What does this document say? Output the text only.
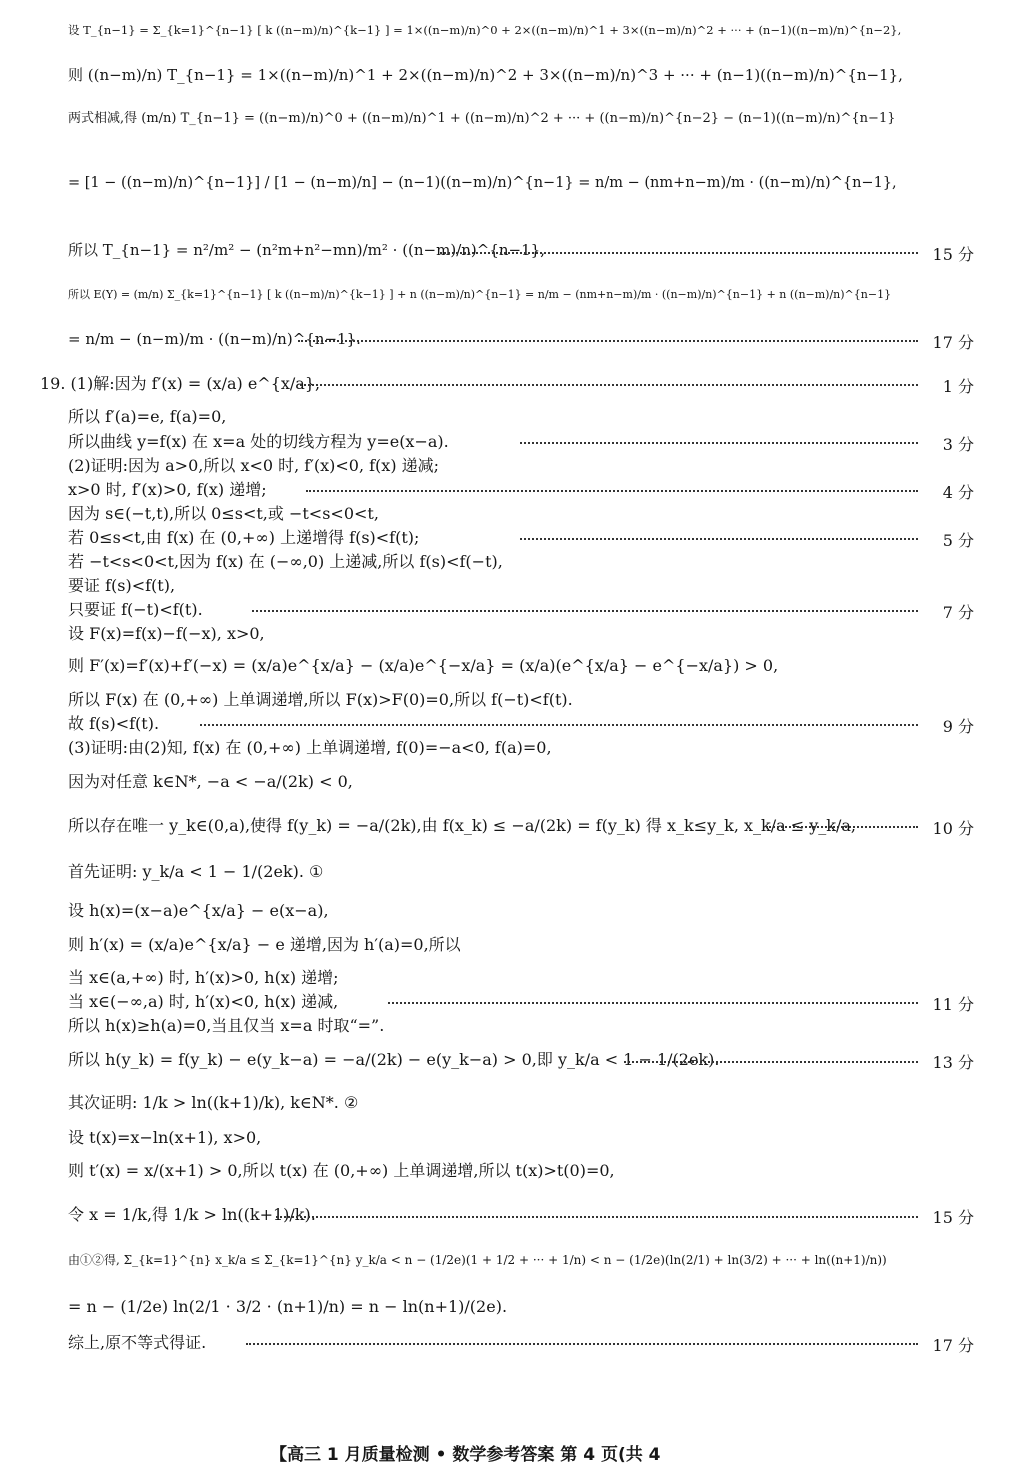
设 T_{n−1} = Σ_{k=1}^{n−1} [ k ((n−m)/n)^{k−1} ] = 1×((n−m)/n)^0 + 2×((n−m)/n)^1 + 3×((n−m)/n)^2 + ··· + (n−1)((n−m)/n)^{n−2},
则 ((n−m)/n) T_{n−1} = 1×((n−m)/n)^1 + 2×((n−m)/n)^2 + 3×((n−m)/n)^3 + ··· + (n−1)((n−m)/n)^{n−1},
两式相减,得 (m/n) T_{n−1} = ((n−m)/n)^0 + ((n−m)/n)^1 + ((n−m)/n)^2 + ··· + ((n−m)/n)^{n−2} − (n−1)((n−m)/n)^{n−1}
= [1 − ((n−m)/n)^{n−1}] / [1 − (n−m)/n] − (n−1)((n−m)/n)^{n−1} = n/m − (nm+n−m)/m · ((n−m)/n)^{n−1},
所以 T_{n−1} = n²/m² − (n²m+n²−mn)/m² · ((n−m)/n)^{n−1},
所以 E(Y) = (m/n) Σ_{k=1}^{n−1} [ k ((n−m)/n)^{k−1} ] + n ((n−m)/n)^{n−1} = n/m − (nm+n−m)/m · ((n−m)/n)^{n−1} + n ((n−m)/n)^{n−1}
= n/m − (n−m)/m · ((n−m)/n)^{n−1}.
19. (1)解:因为 f′(x) = (x/a) e^{x/a},
所以 f′(a)=e, f(a)=0,
所以曲线 y=f(x) 在 x=a 处的切线方程为 y=e(x−a).
(2)证明:因为 a>0,所以 x<0 时, f′(x)<0, f(x) 递减;
x>0 时, f′(x)>0, f(x) 递增;
因为 s∈(−t,t),所以 0≤s<t,或 −t<s<0<t,
若 0≤s<t,由 f(x) 在 (0,+∞) 上递增得 f(s)<f(t);
若 −t<s<0<t,因为 f(x) 在 (−∞,0) 上递减,所以 f(s)<f(−t),
要证 f(s)<f(t),
只要证 f(−t)<f(t).
设 F(x)=f(x)−f(−x), x>0,
则 F′(x)=f′(x)+f′(−x) = (x/a)e^{x/a} − (x/a)e^{−x/a} = (x/a)(e^{x/a} − e^{−x/a}) > 0,
所以 F(x) 在 (0,+∞) 上单调递增,所以 F(x)>F(0)=0,所以 f(−t)<f(t).
故 f(s)<f(t).
(3)证明:由(2)知, f(x) 在 (0,+∞) 上单调递增, f(0)=−a<0, f(a)=0,
因为对任意 k∈N*, −a < −a/(2k) < 0,
所以存在唯一 y_k∈(0,a),使得 f(y_k) = −a/(2k),由 f(x_k) ≤ −a/(2k) = f(y_k) 得 x_k≤y_k, x_k/a ≤ y_k/a,
首先证明: y_k/a < 1 − 1/(2ek). ①
设 h(x)=(x−a)e^{x/a} − e(x−a),
则 h′(x) = (x/a)e^{x/a} − e 递增,因为 h′(a)=0,所以
当 x∈(a,+∞) 时, h′(x)>0, h(x) 递增;
当 x∈(−∞,a) 时, h′(x)<0, h(x) 递减,
所以 h(x)≥h(a)=0,当且仅当 x=a 时取“=”.
所以 h(y_k) = f(y_k) − e(y_k−a) = −a/(2k) − e(y_k−a) > 0,即 y_k/a < 1 − 1/(2ek).
其次证明: 1/k > ln((k+1)/k), k∈N*. ②
设 t(x)=x−ln(x+1), x>0,
则 t′(x) = x/(x+1) > 0,所以 t(x) 在 (0,+∞) 上单调递增,所以 t(x)>t(0)=0,
令 x = 1/k,得 1/k > ln((k+1)/k).
由①②得, Σ_{k=1}^{n} x_k/a ≤ Σ_{k=1}^{n} y_k/a < n − (1/2e)(1 + 1/2 + ··· + 1/n) < n − (1/2e)(ln(2/1) + ln(3/2) + ··· + ln((n+1)/n))
= n − (1/2e) ln(2/1 · 3/2 · (n+1)/n) = n − ln(n+1)/(2e).
综上,原不等式得证.
15 分
17 分
1 分
3 分
4 分
5 分
7 分
9 分
10 分
11 分
13 分
15 分
17 分
【高三 1 月质量检测 • 数学参考答案 第 4 页(共 4
